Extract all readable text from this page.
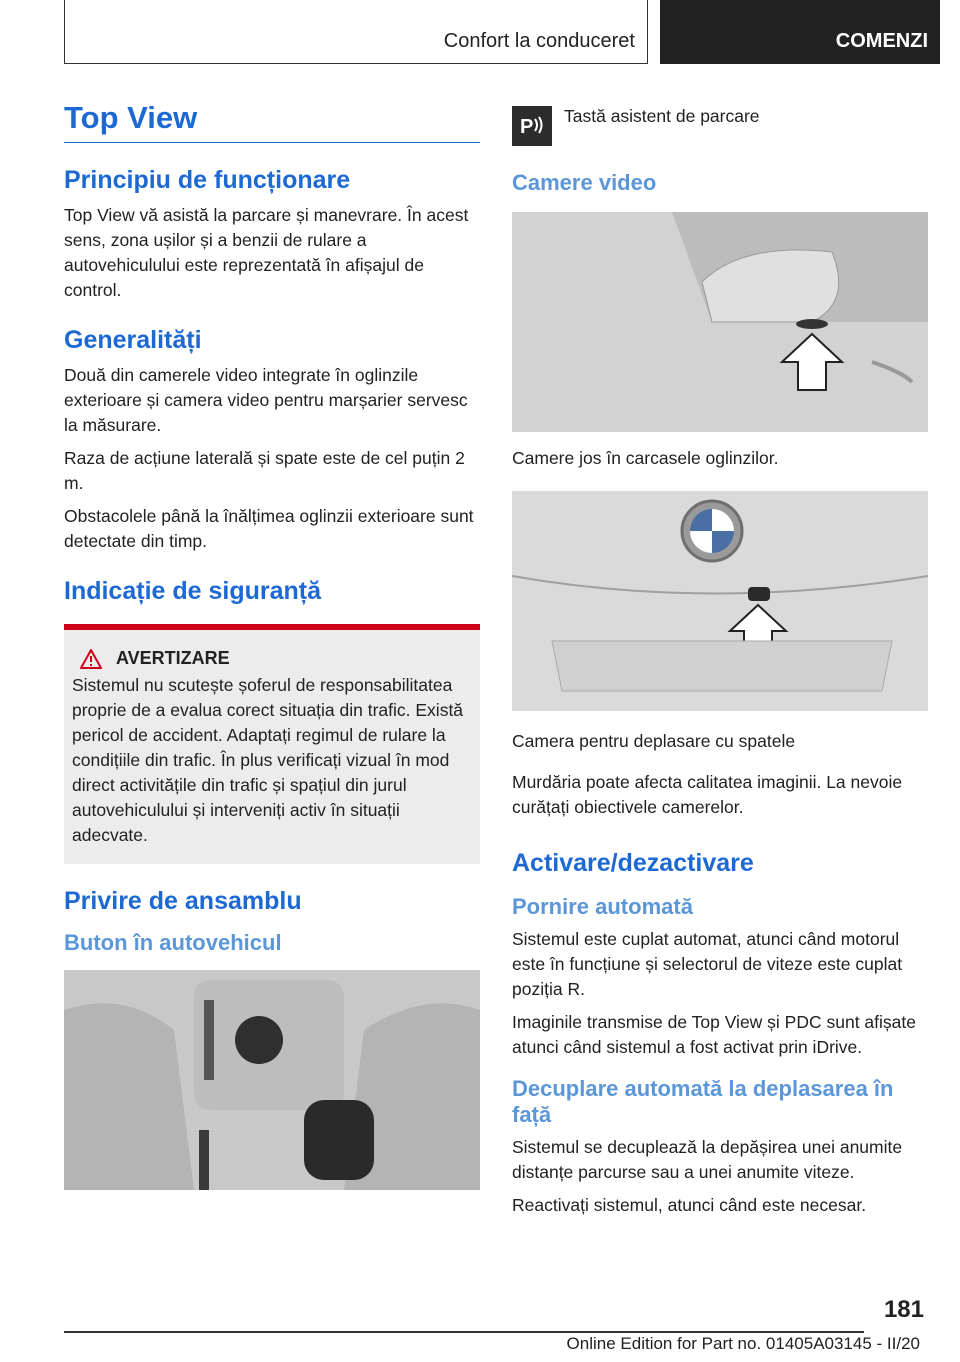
Confort la conduceret	COMENZI
Top View
Principiu de funcționare

Top View vă asistă la parcare și manevrare. În acest sens, zona ușilor și a benzii de rulare a autovehiculului este reprezentată în afișajul de control.

Generalități

Două din camerele video integrate în oglinzile exterioare și camera video pentru marșarier servesc la măsurare.

Raza de acțiune laterală și spate este de cel puțin 2 m.

Obstacolele până la înălțimea oglinzii exterioare sunt detectate din timp.

Indicație de siguranță
AVERTIZARE

Sistemul nu scutește șoferul de responsabilitatea proprie de a evalua corect situația din trafic. Există pericol de accident. Adaptați regimul de rulare la condițiile din trafic. În plus verificați vizual în mod direct activitățile din trafic și spațiul din jurul autovehiculului și interveniți activ în situații adecvate.

Privire de ansamblu
Buton în autovehicul
P Tastă asistent de parcare
Camere video

Camere jos în carcasele oglinzilor.

Camera pentru deplasare cu spatele

Murdăria poate afecta calitatea imaginii. La nevoie curățați obiectivele camerelor.

Activare/dezactivare
Pornire automată

Sistemul este cuplat automat, atunci când motorul este în funcțiune și selectorul de viteze este cuplat poziția R.

Imaginile transmise de Top View și PDC sunt afișate atunci când sistemul a fost activat prin iDrive.

Decuplare automată la deplasarea în față

Sistemul se decuplează la depășirea unei anumite distanțe parcurse sau a unei anumite viteze.

Reactivați sistemul, atunci când este necesar.

181
Online Edition for Part no. 01405A03145 - II/20
